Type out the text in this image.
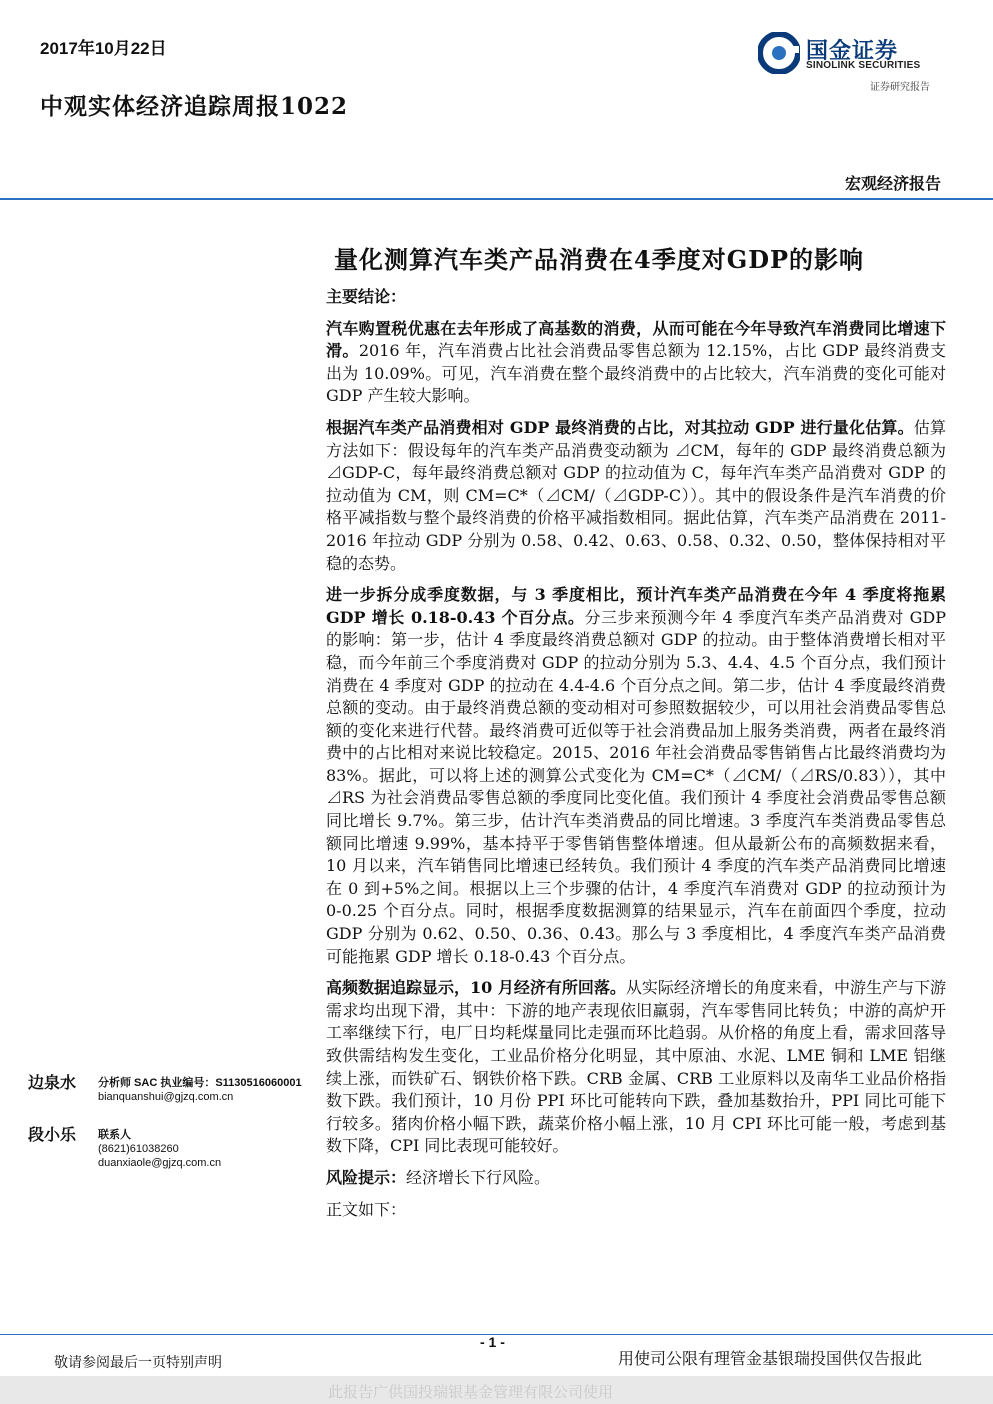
2017年10月22日	国金证券
SINOLINK SECURITIES
证券研究报告
中观实体经济追踪周报1022
宏观经济报告
量化测算汽车类产品消费在4季度对GDP的影响
主要结论：

汽车购置税优惠在去年形成了高基数的消费，从而可能在今年导致汽车消费同比增速下滑。2016 年，汽车消费占比社会消费品零售总额为 12.15%，占比 GDP 最终消费支出为 10.09%。可见，汽车消费在整个最终消费中的占比较大，汽车消费的变化可能对 GDP 产生较大影响。

根据汽车类产品消费相对 GDP 最终消费的占比，对其拉动 GDP 进行量化估算。估算方法如下：假设每年的汽车类产品消费变动额为 ⊿CM，每年的 GDP 最终消费总额为⊿GDP-C，每年最终消费总额对 GDP 的拉动值为 C，每年汽车类产品消费对 GDP 的拉动值为 CM，则 CM=C*（⊿CM/（⊿GDP-C））。其中的假设条件是汽车消费的价格平减指数与整个最终消费的价格平减指数相同。据此估算，汽车类产品消费在 2011-2016 年拉动 GDP 分别为 0.58、0.42、0.63、0.58、0.32、0.50，整体保持相对平稳的态势。

进一步拆分成季度数据，与 3 季度相比，预计汽车类产品消费在今年 4 季度将拖累 GDP 增长 0.18-0.43 个百分点。分三步来预测今年 4 季度汽车类产品消费对 GDP 的影响：第一步，估计 4 季度最终消费总额对 GDP 的拉动。由于整体消费增长相对平稳，而今年前三个季度消费对 GDP 的拉动分别为 5.3、4.4、4.5 个百分点，我们预计消费在 4 季度对 GDP 的拉动在 4.4-4.6 个百分点之间。第二步，估计 4 季度最终消费总额的变动。由于最终消费总额的变动相对可参照数据较少，可以用社会消费品零售总额的变化来进行代替。最终消费可近似等于社会消费品加上服务类消费，两者在最终消费中的占比相对来说比较稳定。2015、2016 年社会消费品零售销售占比最终消费均为 83%。据此，可以将上述的测算公式变化为 CM=C*（⊿CM/（⊿RS/0.83）），其中⊿RS 为社会消费品零售总额的季度同比变化值。我们预计 4 季度社会消费品零售总额同比增长 9.7%。第三步，估计汽车类消费品的同比增速。3 季度汽车类消费品零售总额同比增速 9.99%，基本持平于零售销售整体增速。但从最新公布的高频数据来看，10 月以来，汽车销售同比增速已经转负。我们预计 4 季度的汽车类产品消费同比增速在 0 到+5%之间。根据以上三个步骤的估计，4 季度汽车消费对 GDP 的拉动预计为 0-0.25 个百分点。同时，根据季度数据测算的结果显示，汽车在前面四个季度，拉动 GDP 分别为 0.62、0.50、0.36、0.43。那么与 3 季度相比，4 季度汽车类产品消费可能拖累 GDP 增长 0.18-0.43 个百分点。

高频数据追踪显示，10 月经济有所回落。从实际经济增长的角度来看，中游生产与下游需求均出现下滑，其中：下游的地产表现依旧羸弱，汽车零售同比转负；中游的高炉开工率继续下行，电厂日均耗煤量同比走强而环比趋弱。从价格的角度上看，需求回落导致供需结构发生变化，工业品价格分化明显，其中原油、水泥、LME 铜和 LME 铝继续上涨，而铁矿石、钢铁价格下跌。CRB 金属、CRB 工业原料以及南华工业品价格指数下跌。我们预计，10 月份 PPI 环比可能转向下跌，叠加基数抬升，PPI 同比可能下行较多。猪肉价格小幅下跌，蔬菜价格小幅上涨，10 月 CPI 环比可能一般，考虑到基数下降，CPI 同比表现可能较好。

风险提示：经济增长下行风险。

正文如下：

边泉水 分析师 SAC 执业编号：S1130516060001
bianquanshui@gjzq.com.cn
段小乐 联系人
(8621)61038260
duanxiaole@gjzq.com.cn
- 1 -
敬请参阅最后一页特别声明	用使司公限有理管金基银瑞投国供仅告报此
此报告广供国投瑞银基金管理有限公司使用
